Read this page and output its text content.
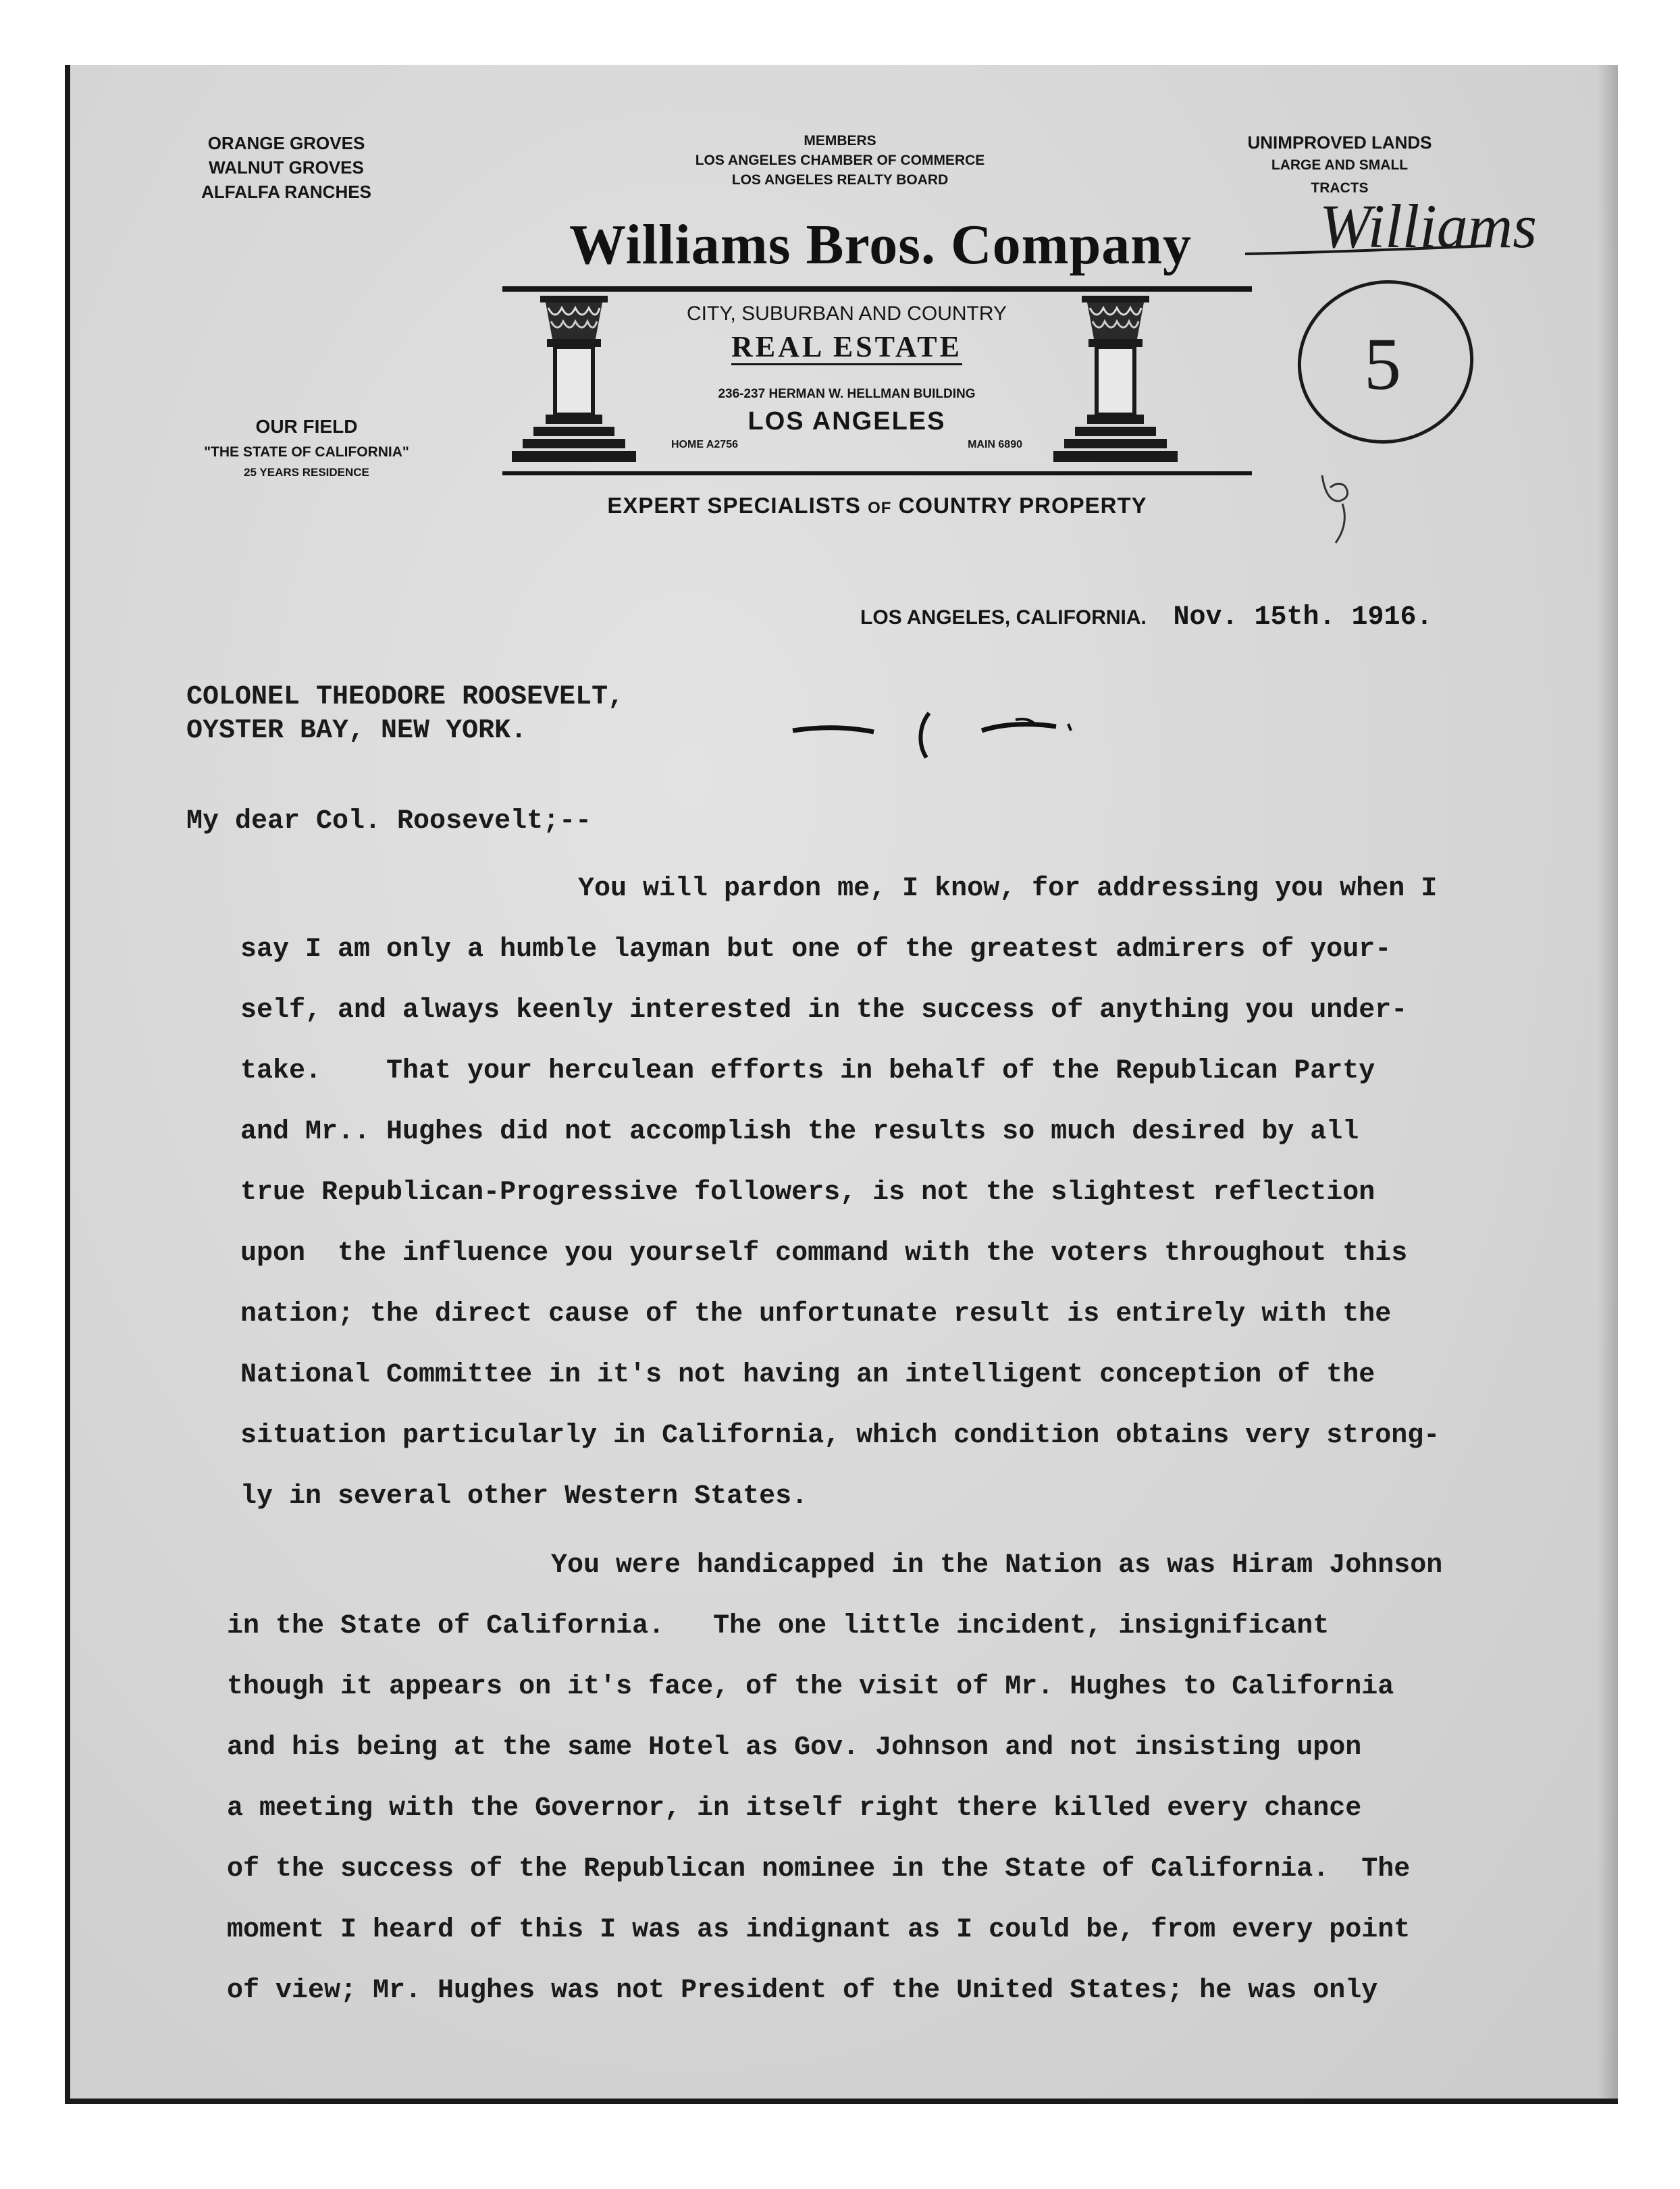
ORANGE GROVES
WALNUT GROVES
ALFALFA RANCHES
MEMBERS
LOS ANGELES CHAMBER OF COMMERCE
LOS ANGELES REALTY BOARD
UNIMPROVED LANDS
LARGE AND SMALL
TRACTS
Williams Bros. Company
CITY, SUBURBAN AND COUNTRY
REAL ESTATE
236-237 HERMAN W. HELLMAN BUILDING
LOS ANGELES
HOME A2756	MAIN 6890
OUR FIELD
"THE STATE OF CALIFORNIA"
25 YEARS RESIDENCE
EXPERT SPECIALISTS OF COUNTRY PROPERTY
Williams
5
LOS ANGELES, CALIFORNIA. Nov. 15th. 1916.
COLONEL THEODORE ROOSEVELT,
OYSTER BAY, NEW YORK.
My dear Col. Roosevelt;--
You will pardon me, I know, for addressing you when I
say I am only a humble layman but one of the greatest admirers of your-
self, and always keenly interested in the success of anything you under-
take.    That your herculean efforts in behalf of the Republican Party
and Mr.. Hughes did not accomplish the results so much desired by all
true Republican-Progressive followers, is not the slightest reflection
upon  the influence you yourself command with the voters throughout this
nation; the direct cause of the unfortunate result is entirely with the
National Committee in it's not having an intelligent conception of the
situation particularly in California, which condition obtains very strong-
ly in several other Western States.
You were handicapped in the Nation as was Hiram Johnson
in the State of California.   The one little incident, insignificant
though it appears on it's face, of the visit of Mr. Hughes to California
and his being at the same Hotel as Gov. Johnson and not insisting upon
a meeting with the Governor, in itself right there killed every chance
of the success of the Republican nominee in the State of California.  The
moment I heard of this I was as indignant as I could be, from every point
of view; Mr. Hughes was not President of the United States; he was only
